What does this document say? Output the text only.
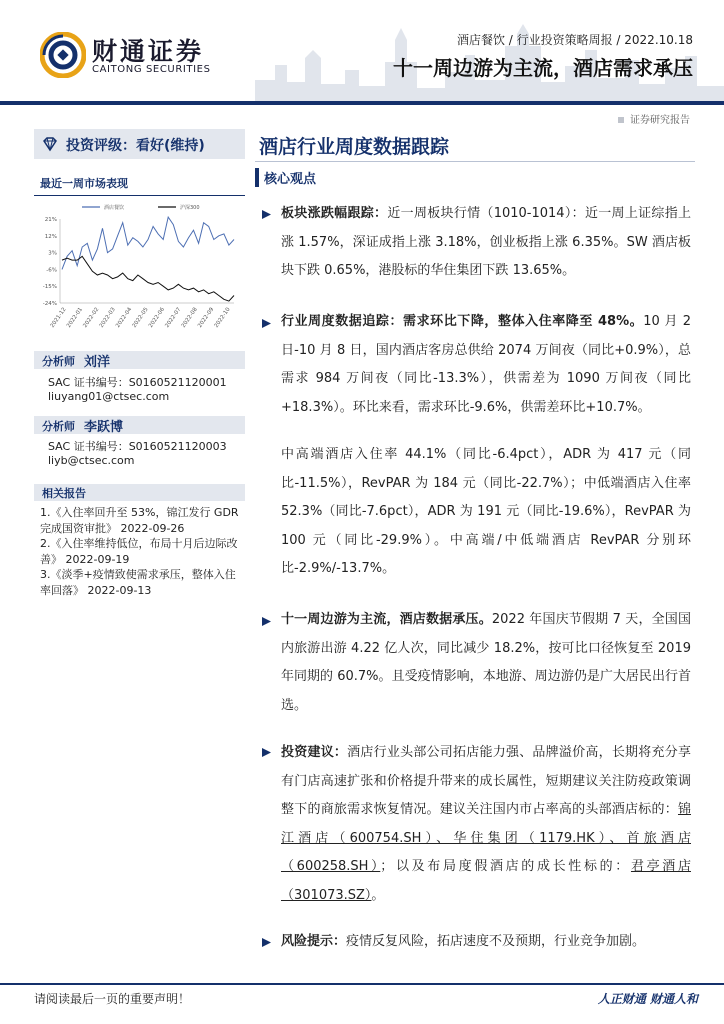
财通证券
CAITONG SECURITIES
酒店餐饮 / 行业投资策略周报 / 2022.10.18
十一周边游为主流，酒店需求承压
证券研究报告
投资评级：看好(维持)
最近一周市场表现
酒店餐饮	沪深300
21%
12%
3%
-6%
-15%
-24%
2021-12
2022-01
2022-02
2022-03
2022-04
2022-05
2022-06
2022-07
2022-08
2022-09
2022-10
分析师 刘洋
SAC 证书编号：S0160521120001
liuyang01@ctsec.com
分析师 李跃博
SAC 证书编号：S0160521120003
liyb@ctsec.com
相关报告
1.《入住率回升至 53%，锦江发行 GDR 完成国资审批》 2022-09-26
2.《入住率维持低位，布局十月后边际改善》 2022-09-19
3.《淡季+疫情致使需求承压，整体入住率回落》 2022-09-13
酒店行业周度数据跟踪
核心观点
板块涨跌幅跟踪：近一周板块行情（1010-1014）：近一周上证综指上涨 1.57%，深证成指上涨 3.18%，创业板指上涨 6.35%。SW 酒店板块下跌 0.65%，港股标的华住集团下跌 13.65%。
行业周度数据追踪：需求环比下降，整体入住率降至 48%。10 月 2 日-10 月 8 日，国内酒店客房总供给 2074 万间夜（同比+0.9%），总需求 984 万间夜（同比-13.3%），供需差为 1090 万间夜（同比+18.3%）。环比来看，需求环比-9.6%，供需差环比+10.7%。
中高端酒店入住率 44.1%（同比-6.4pct），ADR 为 417 元（同比-11.5%），RevPAR 为 184 元（同比-22.7%）；中低端酒店入住率 52.3%（同比-7.6pct），ADR 为 191 元（同比-19.6%），RevPAR 为 100 元（同比-29.9%）。中高端/中低端酒店 RevPAR 分别环比-2.9%/-13.7%。
十一周边游为主流，酒店数据承压。2022 年国庆节假期 7 天，全国国内旅游出游 4.22 亿人次，同比减少 18.2%，按可比口径恢复至 2019 年同期的 60.7%。且受疫情影响，本地游、周边游仍是广大居民出行首选。
投资建议：酒店行业头部公司拓店能力强、品牌溢价高，长期将充分享有门店高速扩张和价格提升带来的成长属性，短期建议关注防疫政策调整下的商旅需求恢复情况。建议关注国内市占率高的头部酒店标的：锦江酒店（600754.SH）、华住集团（1179.HK）、首旅酒店（600258.SH）；以及布局度假酒店的成长性标的：君亭酒店（301073.SZ）。
风险提示：疫情反复风险，拓店速度不及预期，行业竞争加剧。
请阅读最后一页的重要声明！	人正财通 财通人和
